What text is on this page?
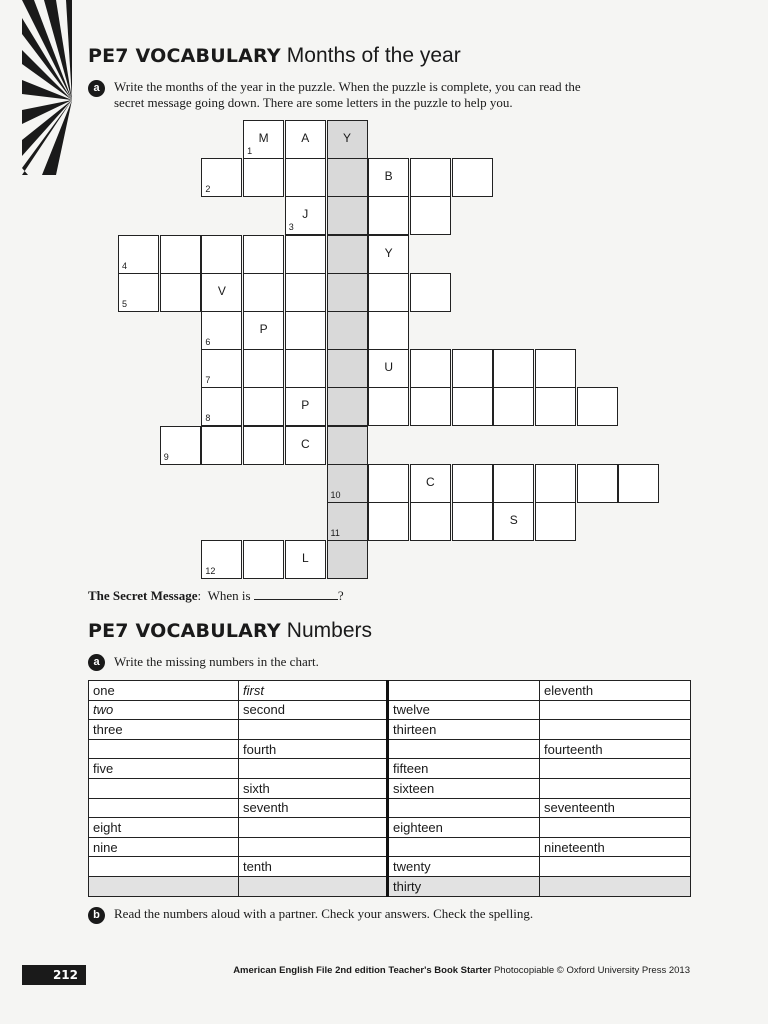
PE7 VOCABULARY Months of the year
a	Write the months of the year in the puzzle. When the puzzle is complete, you can read the
secret message going down. There are some letters in the puzzle to help you.
1
M	A	Y
2
B
3
J
4
Y
5
V
6
P
7
U
8
P
9
C
10
C
11
S
12
L
The Secret Message:  When is	?
PE7 VOCABULARY Numbers
a	Write the missing numbers in the chart.
one	first		eleventh
two	second	twelve	
three		thirteen	
	fourth		fourteenth
five		fifteen	
	sixth	sixteen	
	seventh		seventeenth
eight		eighteen	
nine			nineteenth
	tenth	twenty	
		thirty	
b	Read the numbers aloud with a partner. Check your answers. Check the spelling.
212	American English File 2nd edition Teacher's Book Starter Photocopiable © Oxford University Press 2013
